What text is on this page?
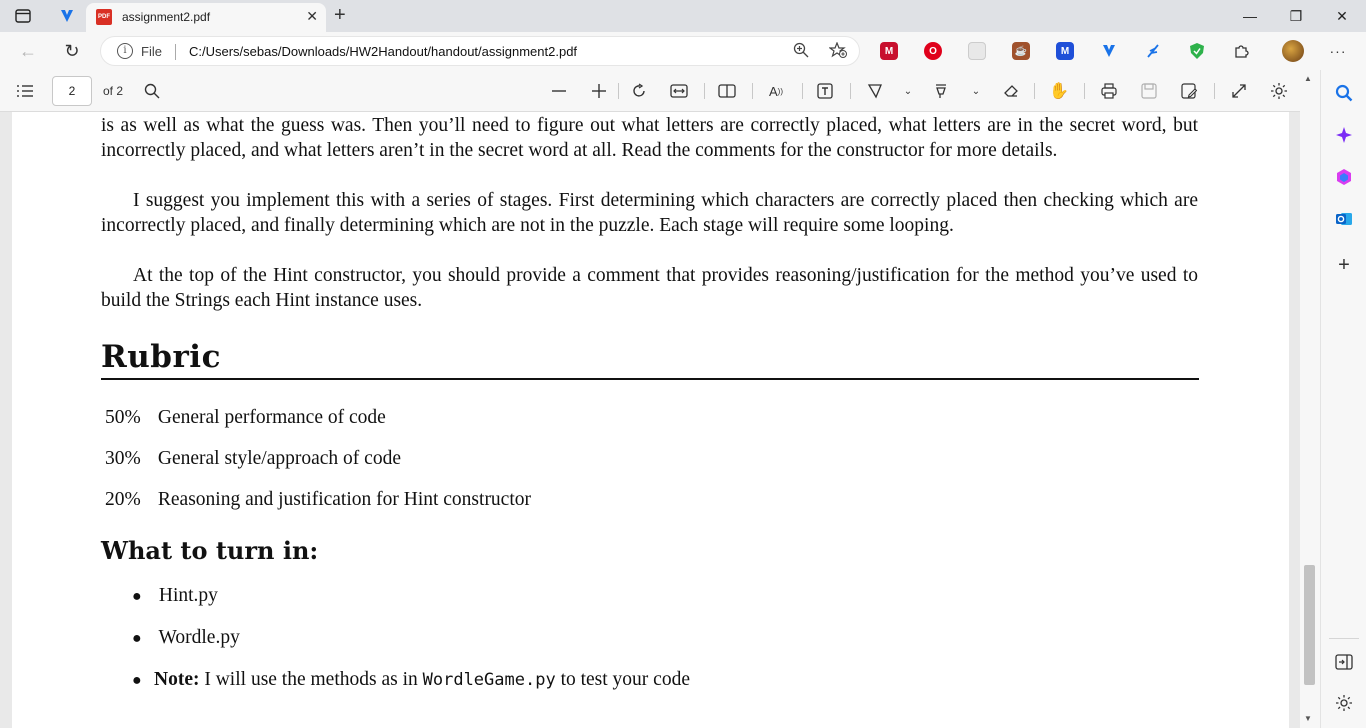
PDF assignment2.pdf	✕ +	—	❐	✕
←	↻	i	File C:/Users/sebas/Downloads/HW2Handout/handout/assignment2.pdf	M	O	☕	M	···
2	of 2	A ))	⌄	⌄	✋
is as well as what the guess was. Then you’ll need to figure out what letters are correctly placed, what letters are in the secret word, but incorrectly placed, and what letters aren’t in the secret word at all. Read the comments for the constructor for more details.
I suggest you implement this with a series of stages. First determining which characters are correctly placed then checking which are incorrectly placed, and finally determining which are not in the puzzle. Each stage will require some looping.
At the top of the Hint constructor, you should provide a comment that provides reasoning/justification for the method you’ve used to build the Strings each Hint instance uses.
Rubric
50% General performance of code
30% General style/approach of code
20% Reasoning and justification for Hint constructor
What to turn in:
● Hint.py
● Wordle.py
● Note: I will use the methods as in WordleGame.py to test your code
▲
▼
+
